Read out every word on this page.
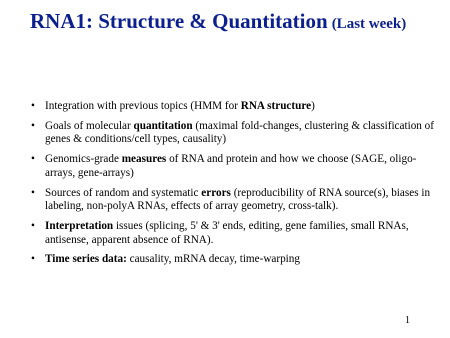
RNA1: Structure & Quantitation (Last week)
• Integration with previous topics (HMM for RNA structure)
• Goals of molecular quantitation (maximal fold-changes, clustering & classification of genes & conditions/cell types, causality)
• Genomics-grade measures of RNA and protein and how we choose (SAGE, oligo-arrays, gene-arrays)
• Sources of random and systematic errors (reproducibility of RNA source(s), biases in labeling, non-polyA RNAs, effects of array geometry, cross-talk).
• Interpretation issues (splicing, 5' & 3' ends, editing, gene families, small RNAs, antisense, apparent absence of RNA).
• Time series data: causality, mRNA decay, time-warping
1
